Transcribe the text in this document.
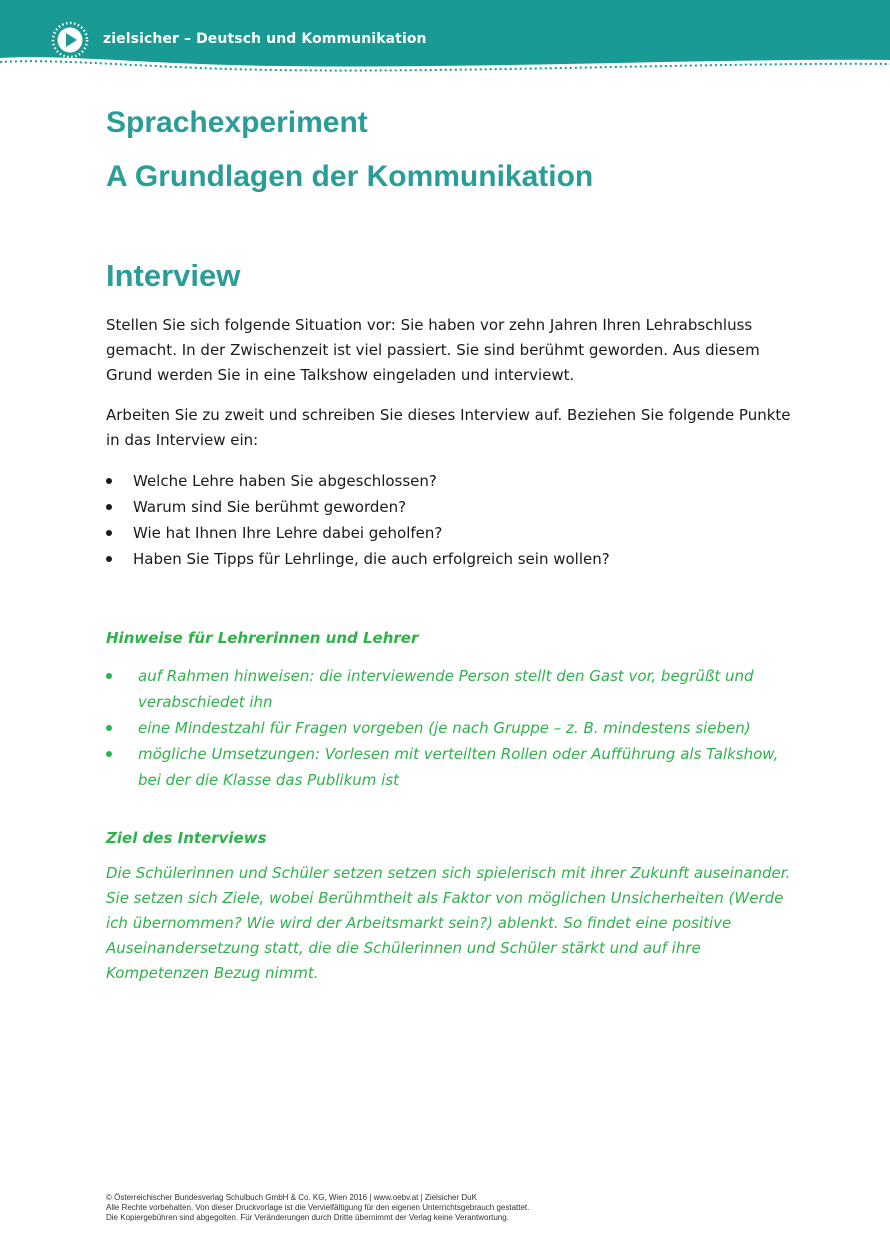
zielsicher – Deutsch und Kommunikation
Sprachexperiment
A Grundlagen der Kommunikation
Interview

Stellen Sie sich folgende Situation vor: Sie haben vor zehn Jahren Ihren Lehrabschluss gemacht. In der Zwischenzeit ist viel passiert. Sie sind berühmt geworden. Aus diesem Grund werden Sie in eine Talkshow eingeladen und interviewt.

Arbeiten Sie zu zweit und schreiben Sie dieses Interview auf. Beziehen Sie folgende Punkte in das Interview ein:

Welche Lehre haben Sie abgeschlossen?
Warum sind Sie berühmt geworden?
Wie hat Ihnen Ihre Lehre dabei geholfen?
Haben Sie Tipps für Lehrlinge, die auch erfolgreich sein wollen?
Hinweise für Lehrerinnen und Lehrer
auf Rahmen hinweisen: die interviewende Person stellt den Gast vor, begrüßt und verabschiedet ihn
eine Mindestzahl für Fragen vorgeben (je nach Gruppe – z. B. mindestens sieben)
mögliche Umsetzungen: Vorlesen mit verteilten Rollen oder Aufführung als Talkshow, bei der die Klasse das Publikum ist
Ziel des Interviews

Die Schülerinnen und Schüler setzen setzen sich spielerisch mit ihrer Zukunft auseinander. Sie setzen sich Ziele, wobei Berühmtheit als Faktor von möglichen Unsicherheiten (Werde ich übernommen? Wie wird der Arbeitsmarkt sein?) ablenkt. So findet eine positive Auseinandersetzung statt, die die Schülerinnen und Schüler stärkt und auf ihre Kompetenzen Bezug nimmt.

© Österreichischer Bundesverlag Schulbuch GmbH & Co. KG, Wien 2016 | www.oebv.at | Zielsicher DuK
Alle Rechte vorbehalten. Von dieser Druckvorlage ist die Vervielfältigung für den eigenen Unterrichtsgebrauch gestattet.
Die Kopiergebühren sind abgegolten. Für Veränderungen durch Dritte übernimmt der Verlag keine Verantwortung.
